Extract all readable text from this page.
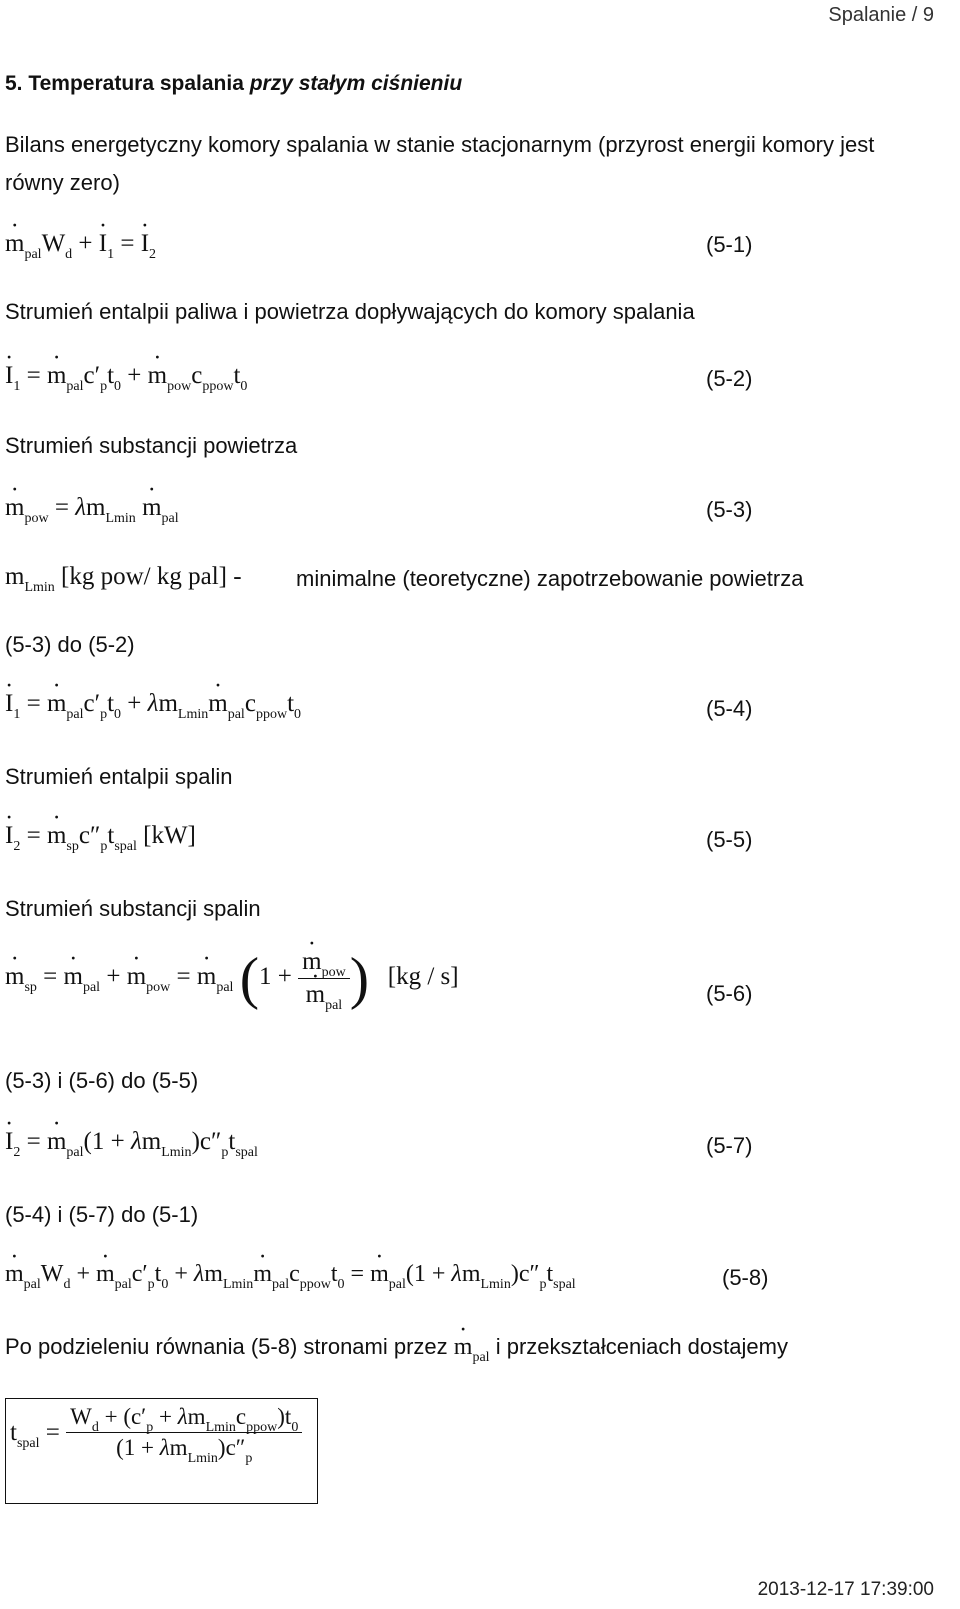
Spalanie / 9
5. Temperatura spalania przy stałym ciśnieniu
Bilans energetyczny komory spalania w stanie stacjonarnym (przyrost energii komory jest
równy zero)
· $m_{pal}W_d$ + · $I_1$ = · $I_2$	(5-1)
Strumień entalpii paliwa i powietrza dopływających do komory spalania
· $I_1$ = · $m_{pal}c'_pt_0$ + · $m_{pow}c_{ppow}t_0$	(5-2)
Strumień substancji powietrza
· $m_{pow} = \lambda m_{Lmin} \cdot m_{pal}$	(5-3)
$m_{Lmin}$ [kg pow/ kg pal] - minimalne (teoretyczne) zapotrzebowanie powietrza
(5-3) do (5-2)
· $I_1$ = · $m_{pal}c'_pt_0 + \lambda m_{Lmin}\cdot m_{pal}c_{ppow}t_0$	(5-4)
Strumień entalpii spalin
· $I_2$ = · $m_{sp}c''_pt_{spal}$ [kW]	(5-5)
Strumień substancji spalin
· $m_{sp}$ = · $m_{pal}$ + · $m_{pow}$ = · $m_{pal}$ (1 + · $m_{pow}$
· $m_{pal}$ ) [kg / s]
(5-6)
(5-3) i (5-6) do (5-5)
· $I_2$ = · $m_{pal}(1 + \lambda m_{Lmin})c''_pt_{spal}$	(5-7)
(5-4) i (5-7) do (5-1)
· $m_{pal}W_d$ + · $m_{pal}c'_pt_0 + \lambda m_{Lmin}\cdot m_{pal}c_{ppow}t_0$ = · $m_{pal}(1 + \lambda m_{Lmin})c''_pt_{spal}$	(5-8)
Po podzieleniu równania (5-8) stronami przez · $m_{pal}$ i przekształceniach dostajemy
$t_{spal} = \frac{W_d + (c'_p + \lambda m_{Lmin}c_{ppow})t_0}{(1 + \lambda m_{Lmin})c''_p}$
2013-12-17 17:39:00
